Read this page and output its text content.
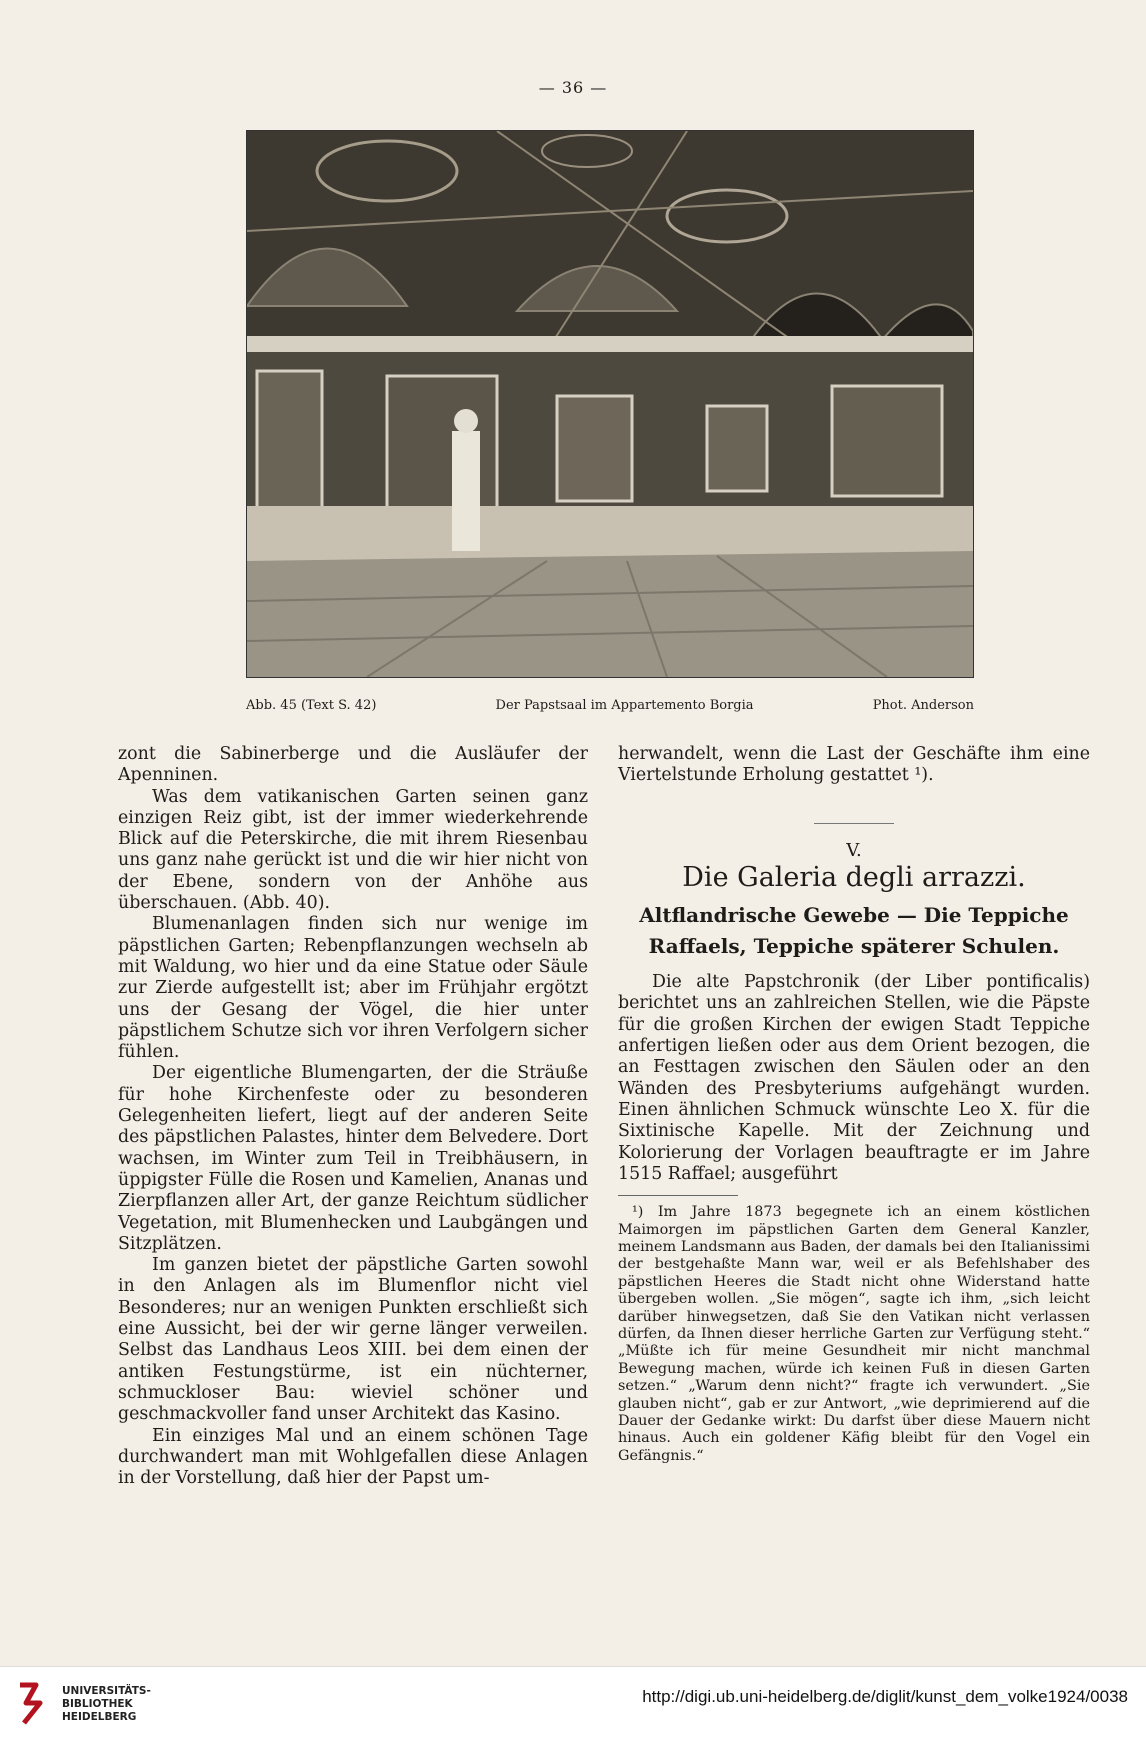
— 36 —
Abb. 45 (Text S. 42)	Der Papstsaal im Appartemento Borgia	Phot. Anderson

zont die Sabinerberge und die Ausläufer der Apenninen.

Was dem vatikanischen Garten seinen ganz einzigen Reiz gibt, ist der immer wiederkehrende Blick auf die Peterskirche, die mit ihrem Riesenbau uns ganz nahe gerückt ist und die wir hier nicht von der Ebene, sondern von der Anhöhe aus überschauen. (Abb. 40).

Blumenanlagen finden sich nur wenige im päpstlichen Garten; Rebenpflanzungen wechseln ab mit Waldung, wo hier und da eine Statue oder Säule zur Zierde aufgestellt ist; aber im Frühjahr ergötzt uns der Gesang der Vögel, die hier unter päpstlichem Schutze sich vor ihren Verfolgern sicher fühlen.

Der eigentliche Blumengarten, der die Sträuße für hohe Kirchenfeste oder zu besonderen Gelegenheiten liefert, liegt auf der anderen Seite des päpstlichen Palastes, hinter dem Belvedere. Dort wachsen, im Winter zum Teil in Treibhäusern, in üppigster Fülle die Rosen und Kamelien, Ananas und Zierpflanzen aller Art, der ganze Reichtum südlicher Vegetation, mit Blumenhecken und Laubgängen und Sitzplätzen.

Im ganzen bietet der päpstliche Garten sowohl in den Anlagen als im Blumenflor nicht viel Besonderes; nur an wenigen Punkten erschließt sich eine Aussicht, bei der wir gerne länger verweilen. Selbst das Landhaus Leos XIII. bei dem einen der antiken Festungstürme, ist ein nüchterner, schmuckloser Bau: wieviel schöner und geschmackvoller fand unser Architekt das Kasino.

Ein einziges Mal und an einem schönen Tage durchwandert man mit Wohlgefallen diese Anlagen in der Vorstellung, daß hier der Papst um-

herwandelt, wenn die Last der Geschäfte ihm eine Viertelstunde Erholung gestattet ¹).

V.
Die Galeria degli arrazzi.
Altflandrische Gewebe — Die Teppiche
Raffaels, Teppiche späterer Schulen.

Die alte Papstchronik (der Liber pontificalis) berichtet uns an zahlreichen Stellen, wie die Päpste für die großen Kirchen der ewigen Stadt Teppiche anfertigen ließen oder aus dem Orient bezogen, die an Festtagen zwischen den Säulen oder an den Wänden des Presbyteriums aufgehängt wurden. Einen ähnlichen Schmuck wünschte Leo X. für die Sixtinische Kapelle. Mit der Zeichnung und Kolorierung der Vorlagen beauftragte er im Jahre 1515 Raffael; ausgeführt

¹) Im Jahre 1873 begegnete ich an einem köstlichen Maimorgen im päpstlichen Garten dem General Kanzler, meinem Landsmann aus Baden, der damals bei den Italianissimi der bestgehaßte Mann war, weil er als Befehlshaber des päpstlichen Heeres die Stadt nicht ohne Widerstand hatte übergeben wollen. „Sie mögen“, sagte ich ihm, „sich leicht darüber hinwegsetzen, daß Sie den Vatikan nicht verlassen dürfen, da Ihnen dieser herrliche Garten zur Verfügung steht.“ „Müßte ich für meine Gesundheit mir nicht manchmal Bewegung machen, würde ich keinen Fuß in diesen Garten setzen.“ „Warum denn nicht?“ fragte ich verwundert. „Sie glauben nicht“, gab er zur Antwort, „wie deprimierend auf die Dauer der Gedanke wirkt: Du darfst über diese Mauern nicht hinaus. Auch ein goldener Käfig bleibt für den Vogel ein Gefängnis.“

UNIVERSITÄTS-
BIBLIOTHEK
HEIDELBERG
http://digi.ub.uni-heidelberg.de/diglit/kunst_dem_volke1924/0038
